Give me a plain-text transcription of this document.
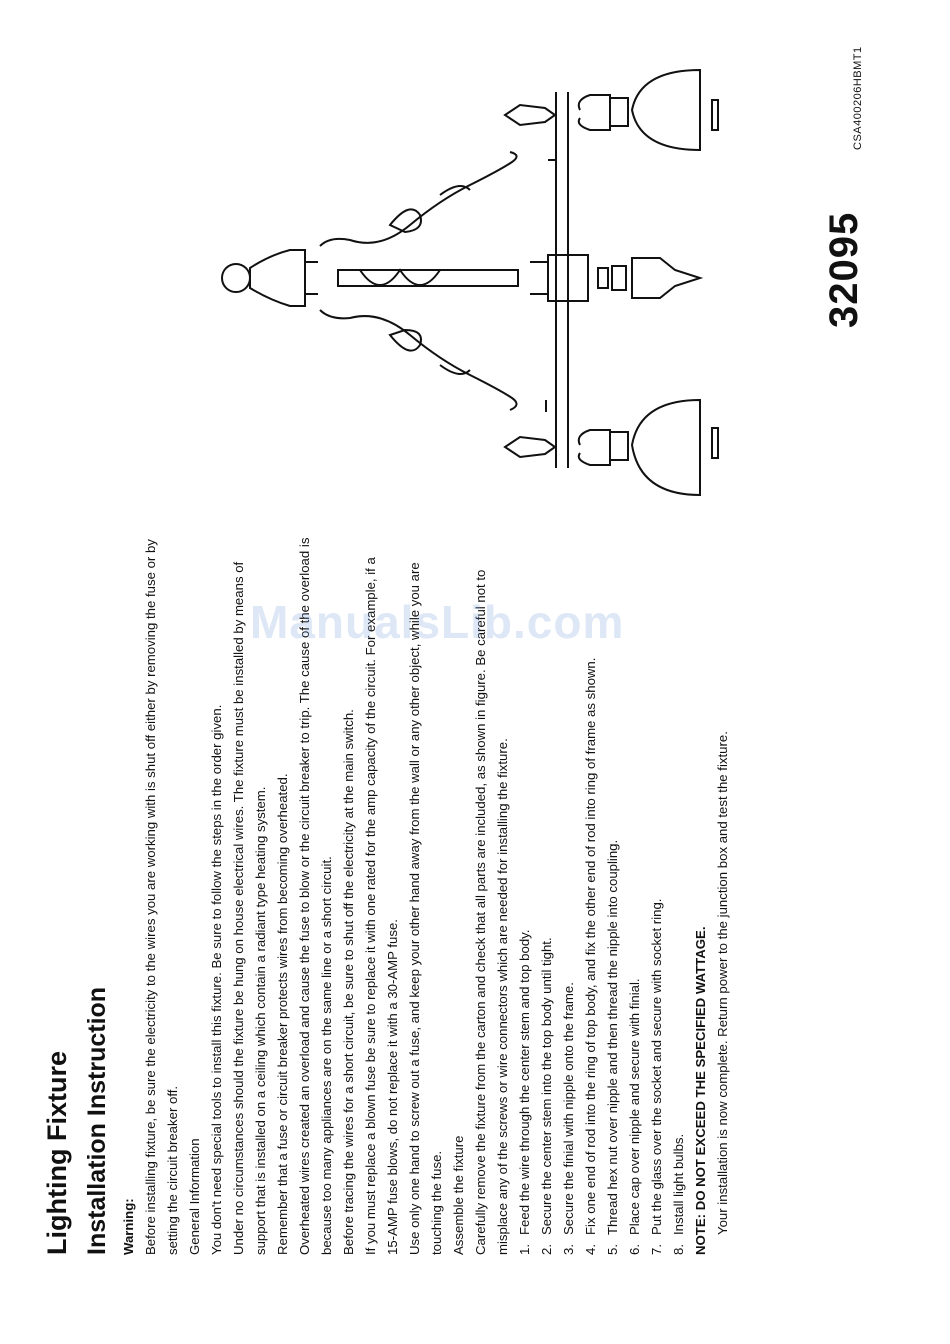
32095
CSA400206HBMT1
Lighting Fixture Installation Instruction Warning: Before installing fixture, be sure the electricity to the wires you are working with is shut off either by removing the fuse or by setting the circuit breaker off. General Information You don't need special tools to install this fixture. Be sure to follow the steps in the order given. Under no circumstances should the fixture be hung on house electrical wires. The fixture must be installed by means of support that is installed on a ceiling which contain a radiant type heating system. Remember that a fuse or circuit breaker protects wires from becoming overheated. Overheated wires created an overload and cause the fuse to blow or the circuit breaker to trip. The cause of the overload is because too many appliances are on the same line or a short circuit. Before tracing the wires for a short circuit, be sure to shut off the electricity at the main switch. If you must replace a blown fuse be sure to replace it with one rated for the amp capacity of the circuit. For example, if a 15-AMP fuse blows, do not replace it with a 30-AMP fuse. Use only one hand to screw out a fuse, and keep your other hand away from the wall or any other object, while you are touching the fuse. Assemble the fixture Carefully remove the fixture from the carton and check that all parts are included, as shown in figure. Be careful not to misplace any of the screws or wire connectors which are needed for installing the fixture. 1.
Feed the wire through the center stem and top body.
2.
Secure the center stem into the top body until tight.
3.
Secure the finial with nipple onto the frame.
4.
Fix one end of rod into the ring of top body, and fix the other end of rod into ring of frame as shown.
5.
Thread hex nut over nipple and then thread the nipple into coupling.
6.
Place cap over nipple and secure with finial.
7.
Put the glass over the socket and secure with socket ring.
8.
Install light bulbs. NOTE: DO NOT EXCEED THE SPECIFIED WATTAGE. Your installation is now complete. Return power to the junction box and test the fixture.

ManualsLib.com
